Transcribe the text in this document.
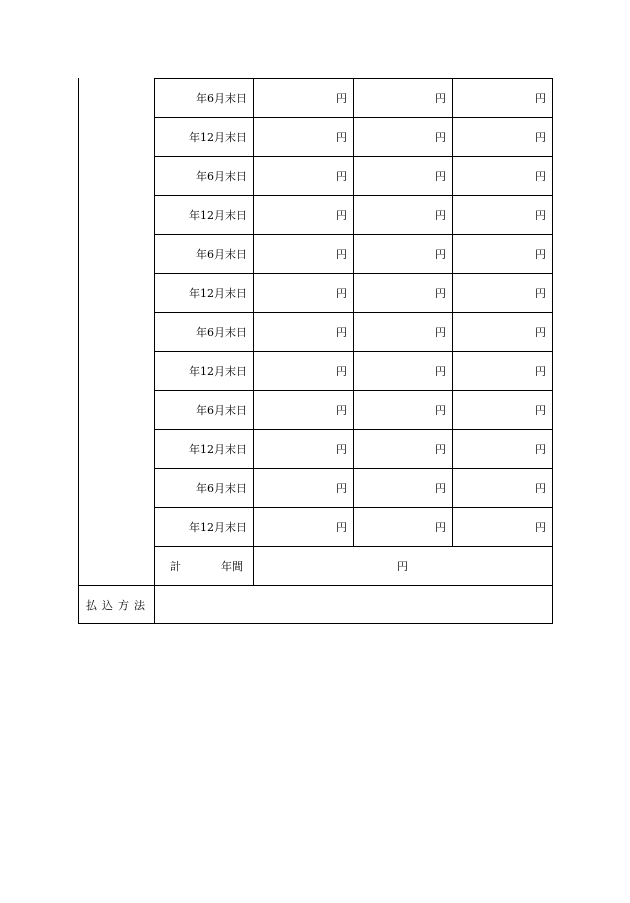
年6月末日	円	円	円
年12月末日	円	円	円
年6月末日	円	円	円
年12月末日	円	円	円
年6月末日	円	円	円
年12月末日	円	円	円
年6月末日	円	円	円
年12月末日	円	円	円
年6月末日	円	円	円
年12月末日	円	円	円
年6月末日	円	円	円
年12月末日	円	円	円
計	年間	円
払込方法
